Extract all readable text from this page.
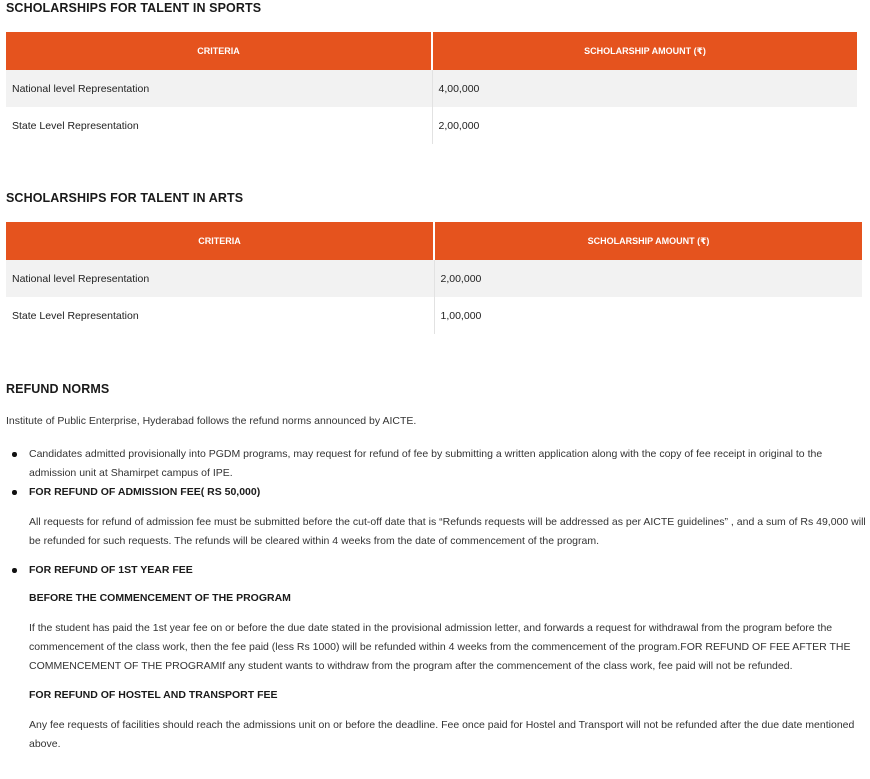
SCHOLARSHIPS FOR TALENT IN SPORTS
CRITERIA	SCHOLARSHIP AMOUNT (₹)
National level Representation	4,00,000
State Level Representation	2,00,000
SCHOLARSHIPS FOR TALENT IN ARTS
CRITERIA	SCHOLARSHIP AMOUNT (₹)
National level Representation	2,00,000
State Level Representation	1,00,000
REFUND NORMS

Institute of Public Enterprise, Hyderabad follows the refund norms announced by AICTE.

Candidates admitted provisionally into PGDM programs, may request for refund of fee by submitting a written application along with the copy of fee receipt in original to the admission unit at Shamirpet campus of IPE.
FOR REFUND OF ADMISSION FEE( RS 50,000)
All requests for refund of admission fee must be submitted before the cut-off date that is “Refunds requests will be addressed as per AICTE guidelines” , and a sum of Rs 49,000 will be refunded for such requests. The refunds will be cleared within 4 weeks from the date of commencement of the program.
FOR REFUND OF 1ST YEAR FEE
BEFORE THE COMMENCEMENT OF THE PROGRAM
If the student has paid the 1st year fee on or before the due date stated in the provisional admission letter, and forwards a request for withdrawal from the program before the commencement of the class work, then the fee paid (less Rs 1000) will be refunded within 4 weeks from the commencement of the program.FOR REFUND OF FEE AFTER THE COMMENCEMENT OF THE PROGRAMIf any student wants to withdraw from the program after the commencement of the class work, fee paid will not be refunded.
FOR REFUND OF HOSTEL AND TRANSPORT FEE
Any fee requests of facilities should reach the admissions unit on or before the deadline. Fee once paid for Hostel and Transport will not be refunded after the due date mentioned above.
